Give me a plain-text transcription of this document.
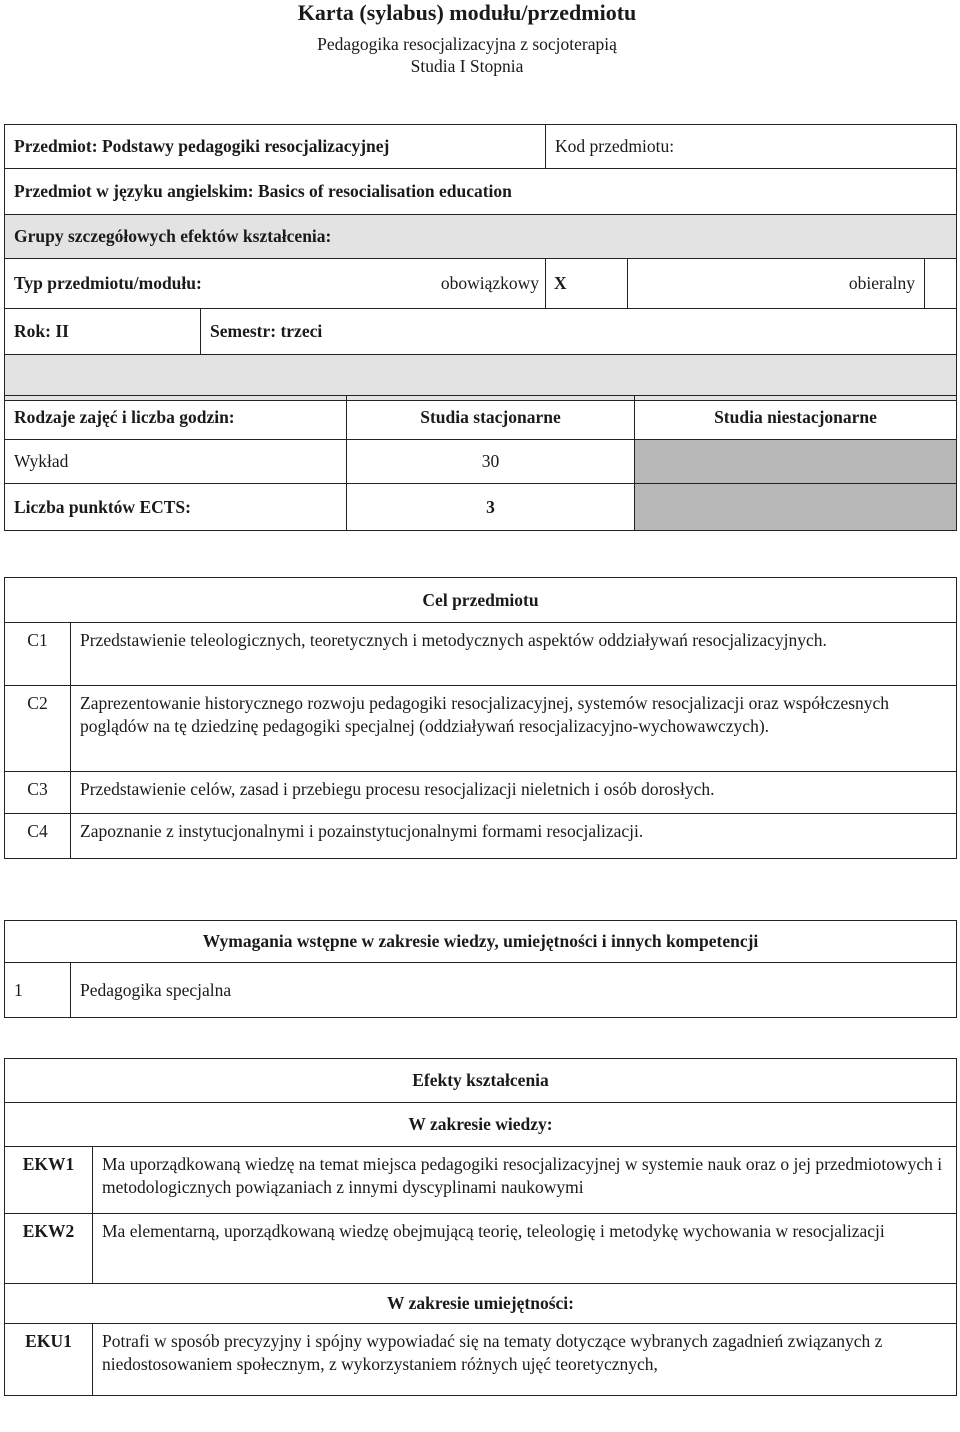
Karta (sylabus) modułu/przedmiotu
Pedagogika resocjalizacyjna z socjoterapią
Studia I Stopnia
Przedmiot: Podstawy pedagogiki resocjalizacyjnej		Kod przedmiotu:		
Przedmiot w języku angielskim: Basics of resocialisation education				
Grupy szczegółowych efektów kształcenia:				
Typ przedmiotu/modułu: obowiązkowy		X	obieralny	
Rok: II	Semestr: trzeci			

Rodzaje zajęć i liczba godzin:	Studia stacjonarne	Studia niestacjonarne
Wykład	30	
Liczba punktów ECTS:	3	
Cel przedmiotu	
C1	Przedstawienie teleologicznych, teoretycznych i metodycznych aspektów oddziaływań resocjalizacyjnych.
C2	Zaprezentowanie historycznego rozwoju pedagogiki resocjalizacyjnej, systemów resocjalizacji oraz współczesnych poglądów na tę dziedzinę pedagogiki specjalnej (oddziaływań resocjalizacyjno-wychowawczych).
C3	Przedstawienie celów, zasad i przebiegu procesu resocjalizacji nieletnich i osób dorosłych.
C4	Zapoznanie z instytucjonalnymi i pozainstytucjonalnymi formami resocjalizacji.
Wymagania wstępne w zakresie wiedzy, umiejętności i innych kompetencji
1	Pedagogika specjalna
Efekty kształcenia	
W zakresie wiedzy:	
EKW1	Ma uporządkowaną wiedzę na temat miejsca pedagogiki resocjalizacyjnej w systemie nauk oraz o jej przedmiotowych i metodologicznych powiązaniach z innymi dyscyplinami naukowymi
EKW2	Ma elementarną, uporządkowaną wiedzę obejmującą teorię, teleologię i metodykę wychowania w resocjalizacji
W zakresie umiejętności:	
EKU1	Potrafi w sposób precyzyjny i spójny wypowiadać się na tematy dotyczące wybranych zagadnień związanych z niedostosowaniem społecznym, z wykorzystaniem różnych ujęć teoretycznych,
